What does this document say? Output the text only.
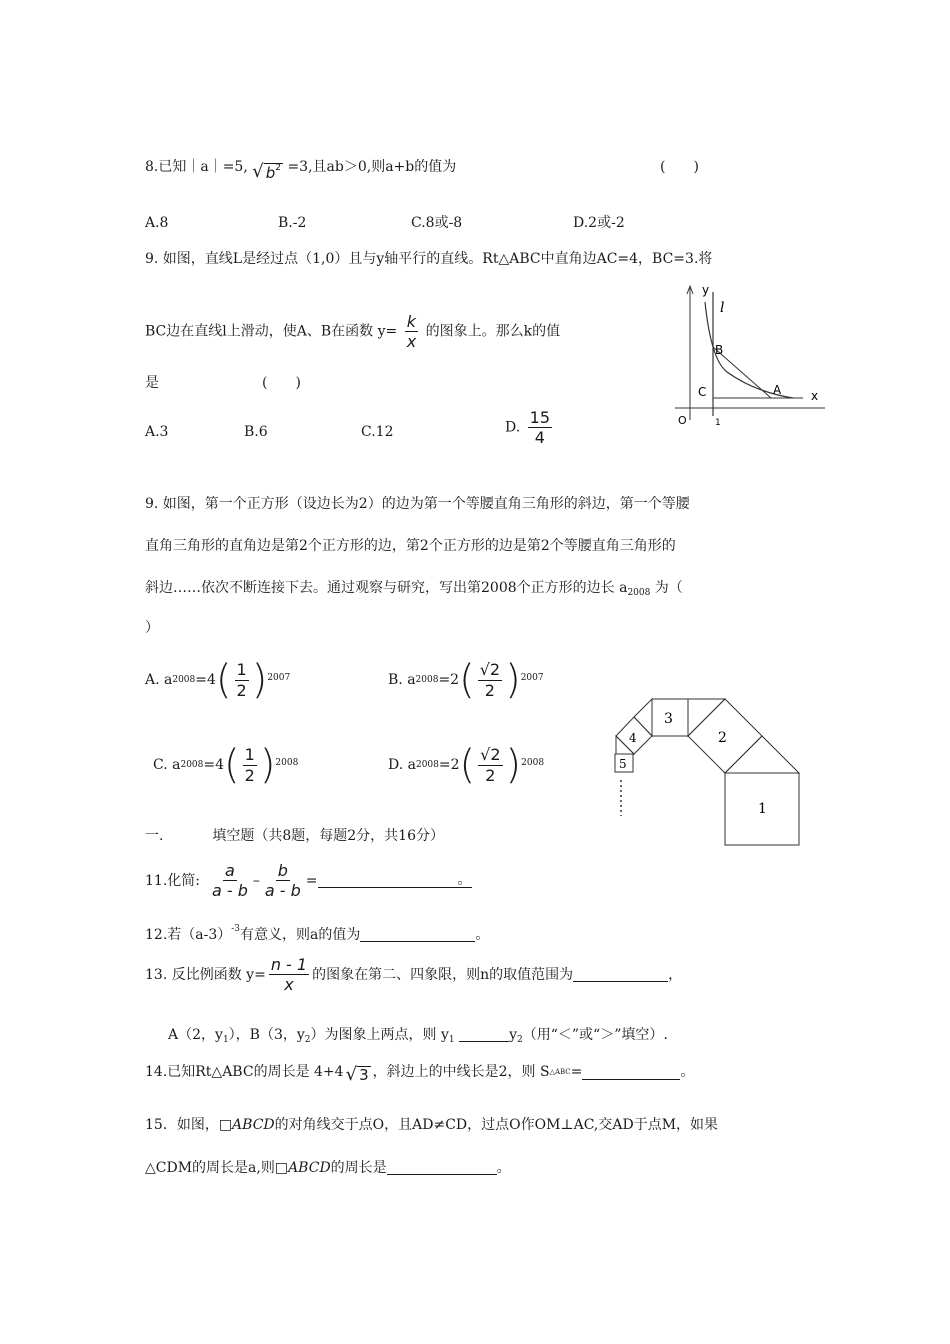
8.已知｜a｜=5, √ $b^2 =3$,且ab＞0,则a+b的值为	(　　)
A.8	B.-2	C.8或-8	D.2或-2
9. 如图，直线L是经过点（1,0）且与y轴平行的直线。Rt△ABC中直角边AC=4，BC=3.将
BC边在直线l上滑动，使A、B在函数 $y= \frac{k}{x}$ 的图象上。那么k的值
是	(　　)
A.3	B.6	C.12	D. $\frac{15}{4}$
y
l
B
C	A x
O	1
9. 如图，第一个正方形（设边长为2）的边为第一个等腰直角三角形的斜边，第一个等腰
直角三角形的直角边是第2个正方形的边，第2个正方形的边是第2个等腰直角三角形的
斜边……依次不断连接下去。通过观察与研究，写出第2008个正方形的边长 $a_{2008}$ 为（
）
A. a 2008 =4 ( $\frac{1}{2}$ ) 2007	B. a 2008 =2 ( $\frac{√2}{2}$ ) 2007
C. a 2008 =4 ( $\frac{1}{2}$ ) 2008	D. a 2008 =2 ( $\frac{√2}{2}$ ) 2008
1
2
3
4
5
一.	填空题（共8题，每题2分，共16分）
11.化简: $\frac{a}{a - b} - \frac{b}{a - b}$ =	。
12.若$(a-3)^{-3}$有意义，则a的值为	。
13. 反比例函数 $y= \frac{n - 1}{x}$ 的图象在第二、四象限，则n的取值范围为	，
A（2，$y_1$），B（3，$y_2$）为图象上两点，则 $y_1$	$y_2$（用“＜”或“＞”填空）.
14.已知Rt△ABC的周长是 4+4 √ 3 ，斜边上的中线长是2，则 S △ABC =	。
15．如图，□ABCD的对角线交于点O，且AD≠CD，过点O作OM⊥AC,交AD于点M，如果
△CDM的周长是a,则□ABCD的周长是	。
